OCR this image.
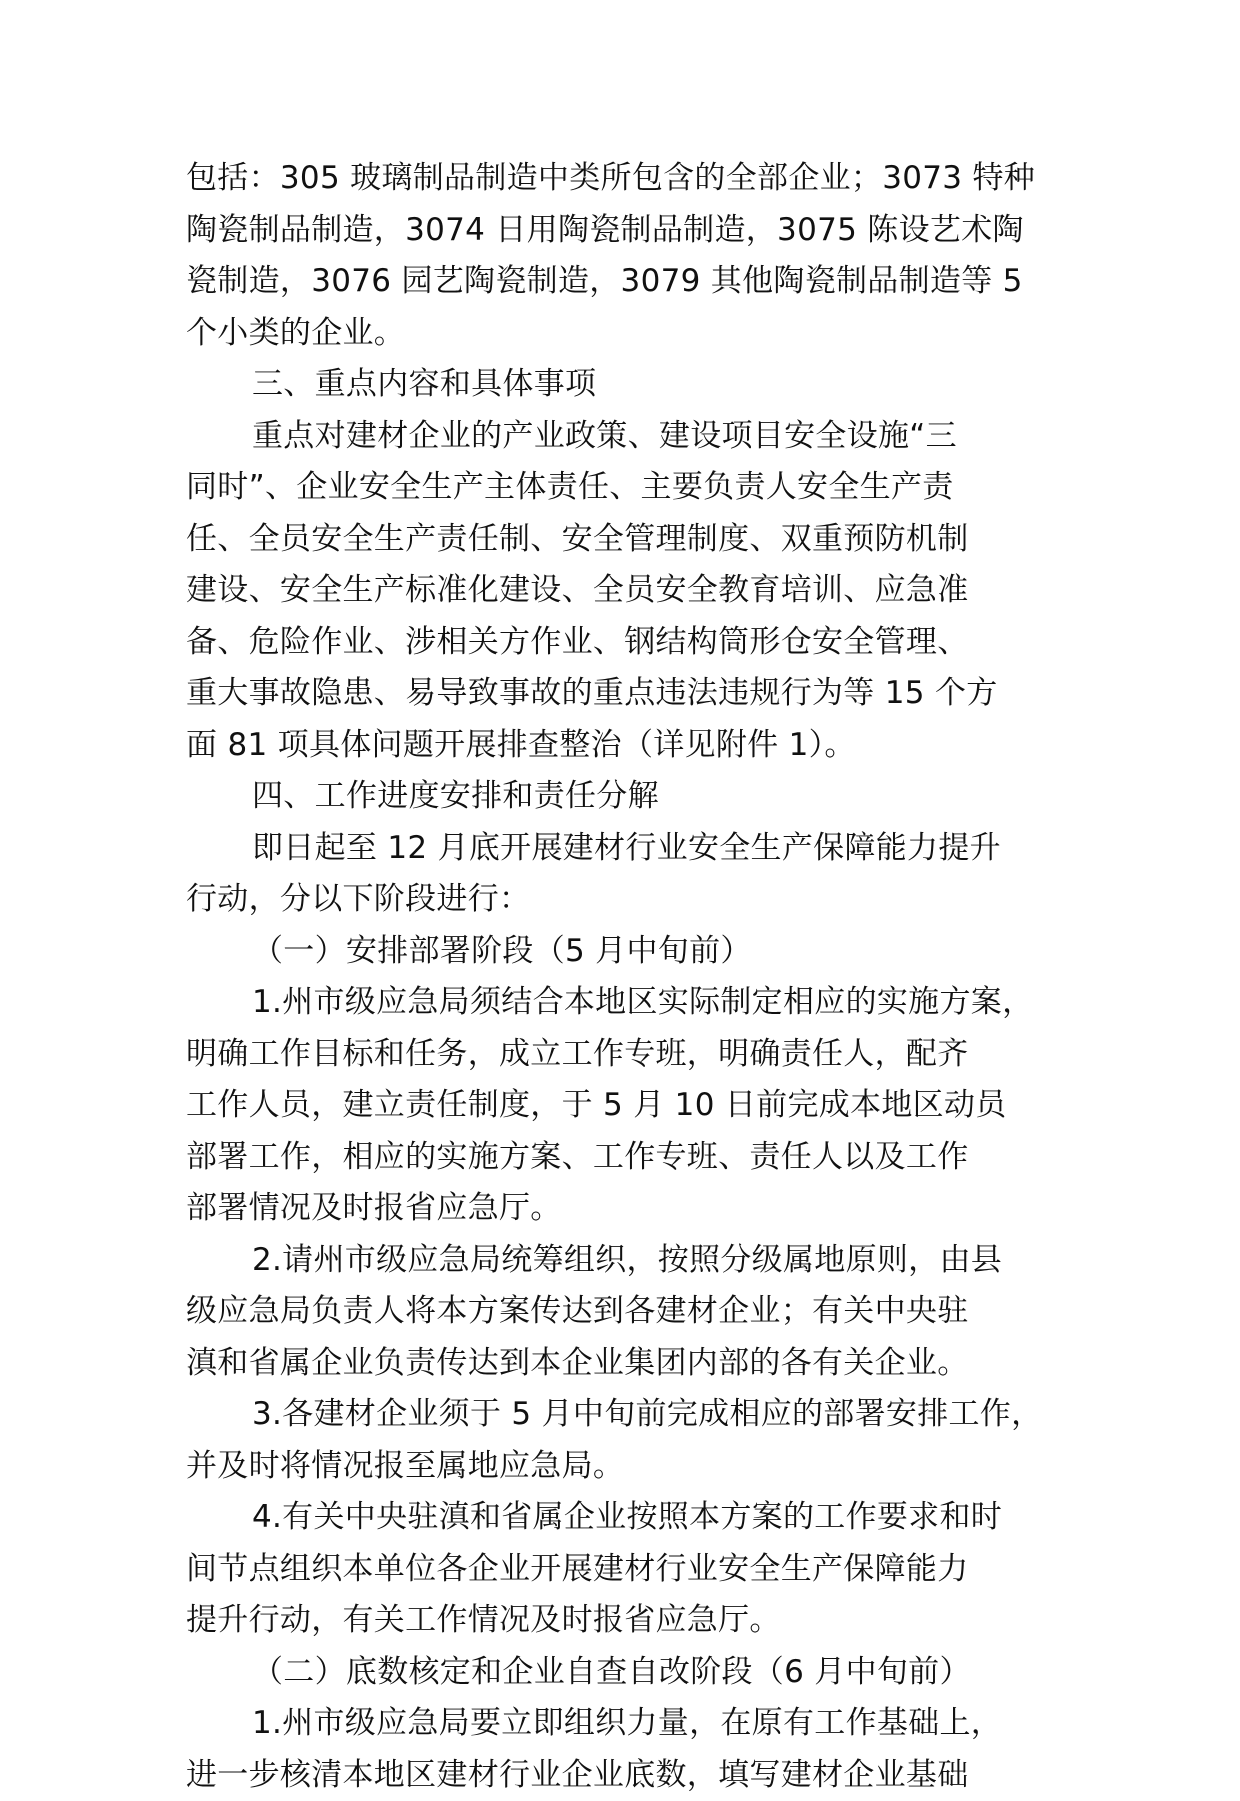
包括：305 玻璃制品制造中类所包含的全部企业；3073 特种
陶瓷制品制造，3074 日用陶瓷制品制造，3075 陈设艺术陶
瓷制造，3076 园艺陶瓷制造，3079 其他陶瓷制品制造等 5
个小类的企业。
三、重点内容和具体事项
重点对建材企业的产业政策、建设项目安全设施“三
同时”、企业安全生产主体责任、主要负责人安全生产责
任、全员安全生产责任制、安全管理制度、双重预防机制
建设、安全生产标准化建设、全员安全教育培训、应急准
备、危险作业、涉相关方作业、钢结构筒形仓安全管理、
重大事故隐患、易导致事故的重点违法违规行为等 15 个方
面 81 项具体问题开展排查整治（详见附件 1）。
四、工作进度安排和责任分解
即日起至 12 月底开展建材行业安全生产保障能力提升
行动，分以下阶段进行：
（一）安排部署阶段（5 月中旬前）
1.州市级应急局须结合本地区实际制定相应的实施方案，
明确工作目标和任务，成立工作专班，明确责任人，配齐
工作人员，建立责任制度，于 5 月 10 日前完成本地区动员
部署工作，相应的实施方案、工作专班、责任人以及工作
部署情况及时报省应急厅。
2.请州市级应急局统筹组织，按照分级属地原则，由县
级应急局负责人将本方案传达到各建材企业；有关中央驻
滇和省属企业负责传达到本企业集团内部的各有关企业。
3.各建材企业须于 5 月中旬前完成相应的部署安排工作，
并及时将情况报至属地应急局。
4.有关中央驻滇和省属企业按照本方案的工作要求和时
间节点组织本单位各企业开展建材行业安全生产保障能力
提升行动，有关工作情况及时报省应急厅。
（二）底数核定和企业自查自改阶段（6 月中旬前）
1.州市级应急局要立即组织力量，在原有工作基础上，
进一步核清本地区建材行业企业底数，填写建材企业基础
